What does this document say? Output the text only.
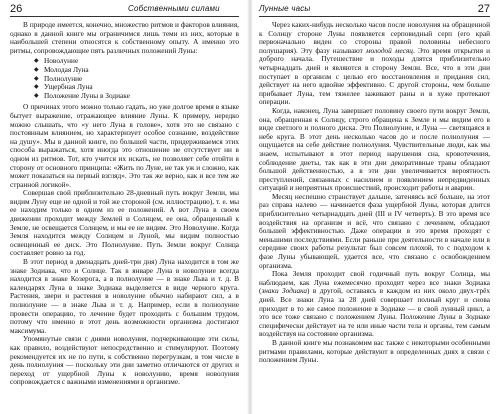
26	Собственными силами

В природе имеется, конечно, множество ритмов и факторов влияния, однако в данной книге мы ограничимся лишь теми из них, которые в наибольшей степени относятся к собственному опыту. А именно это ритмы, сопровождающие пять различных положений Луны:

◆ Новолуние
◆ Молодая Луна
◆ Полнолуние
◆ Ущербная Луна
◆ Положение Луны в Зодиаке

О причинах этого можно только гадать, но уже долгое время в языке бытует выражение, отражающее влияние Луны. К примеру, нередко можно слышать, что «у него Луна в голове», хотя это не связано с постоянным влиянием, но характеризует особое сознание, воздействие на душу». Мы в данной книге, по большей части, придерживаемся этих способа выражаться, хотя иногда это отношение не отсутствует ни в одном из ритмов. Тот, кто учится их искать, не позволяет себе отойти в сторону от основного принципа: «Жить по Луне, не так уж и сложно, как может показаться на первый взгляд». Это так же верно, как и все тем же странной логикой».

Совершая свой приблизительно 28-дневный путь вокруг Земли, мы видим Луну еще не одной и той же стороной (см. иллюстрацию), т. е. мы ее находим только в одном из ее положений. А вот Луна в своем движении проходит между Землей и Солнцем, ее она, обращенный к Земле, не освещается Солнцем, и мы ее не видим. Это Новолуние. Когда Земля находится между Солнцем и Луной, мы видим полностью освещенный ее диск. Это Полнолуние. Путь Земли вокруг Солнца составляет ровно за год.

В этот период в двенадцать дней-три дня) Луна находится в том же знаке Зодиака, что и Солнце. Так в январе Луна в новолуние всегда находится в знаке Козерога, а в полнолуние — в знаке Льва и т. д. В календарях Луна в знаке Зодиака выделяется в виде черного круга. Растения, звери и растения в новолуние обычно набирают сил, а в полнолуние — в знаке Льва и т. д. Например, если в полнолуние провести операцию, то лечение будет проходить с большим трудом, потому что именно в этот день возможности организма достигают максимума.

Упомянутые связи с днями новолуния, подчеркивающие эти силы, как правило, воздействуют непосредственно и стимулируют. Поэтому рекомендуется их не по пути, к собственно перегрузкам, в том числе в день полнолуния — поскольку эти дни заметно отличаются от других и переход от ущербной Луны к новолунию, время новолуния сопровождается с важными изменениями в организме.

Лунные часы	27

Через каких-нибудь несколько часов после новолуния на обращенной к Солнцу стороне Луны появляется серповидный серп (его край первоначально виден со стороны правой половины небесного полушария). Эту фазу называют молодой месяц. Это время открытия и доброго начала. Путешествие и походы длятся приблизительно четырнадцать дней и являются в сторону Земли. Все, что в эти дни поступает в организм с целью его восстановления и придания сил, действует на него вдвойне эффективно. С другой стороны, чем больше прибывает Луна, тем тяжелее заживают раны и в хуже протекают операции.

Когда, наконец, Луна завершает половину своего пути вокруг Земли, она, обращенная к Солнцу, строго обращена к Земле и мы видим его в виде светлого и полного диска. Это Полнолуние, и Луна — светящаяся в небе круга. В этот день несколько часов до и после полнолуния — ощущается на себе действие полнолуния. Чувствительные люди, как мы знаем, испытывают в этот период нарушения сна, кровотечения, соблюдение диеты, так как в эти дни декоративные травы обладают большой действенностью, а в эти дни увеличивается вероятность преступлений, связанных с насилием и появлением непредвиденных ситуаций и неприятных происшествий, происходит работы и аварии.

Месяц неспешно странствует дальше, затеняясь всё больше, на этот раз справа налево — начинается фаза ущербной Луны, которая длится приблизительно четырнадцать дней (III и IV четверть). В это время все воздействия на организм и всё, что связано с лечением, обладают большей эффективностью. Даже операции в это время проходят с меньшими последствиями. Если раньше при деятельности в начале или в середине своих работы результат был совсем плохой, то с подходом к фазе Луны убывающей, удается все, что связано с освобождением организма.

Пока Земля проходит свой годичный путь вокруг Солнца, мы наблюдаем, как Луна ежемесячно проходит через все знаки Зодиака (знаки Зодиака) в другой, оставаясь в каждом из них около двух-трёх дней. Все знаки Луна за 28 дней совершает полный круг и снова приходит в то же самое положение в Зодиаке — в свой лунный цикл, а это все тоже связано с положением Луны. Положение Луны в Зодиаке специфически действует на те или иные части тела и органы, тем самым воздействуя на состояние организма.

В данной книге мы познакомим вас также с некоторыми особенными ритмами правилами, которые действуют в определенных днях в связи с положением Луны.
